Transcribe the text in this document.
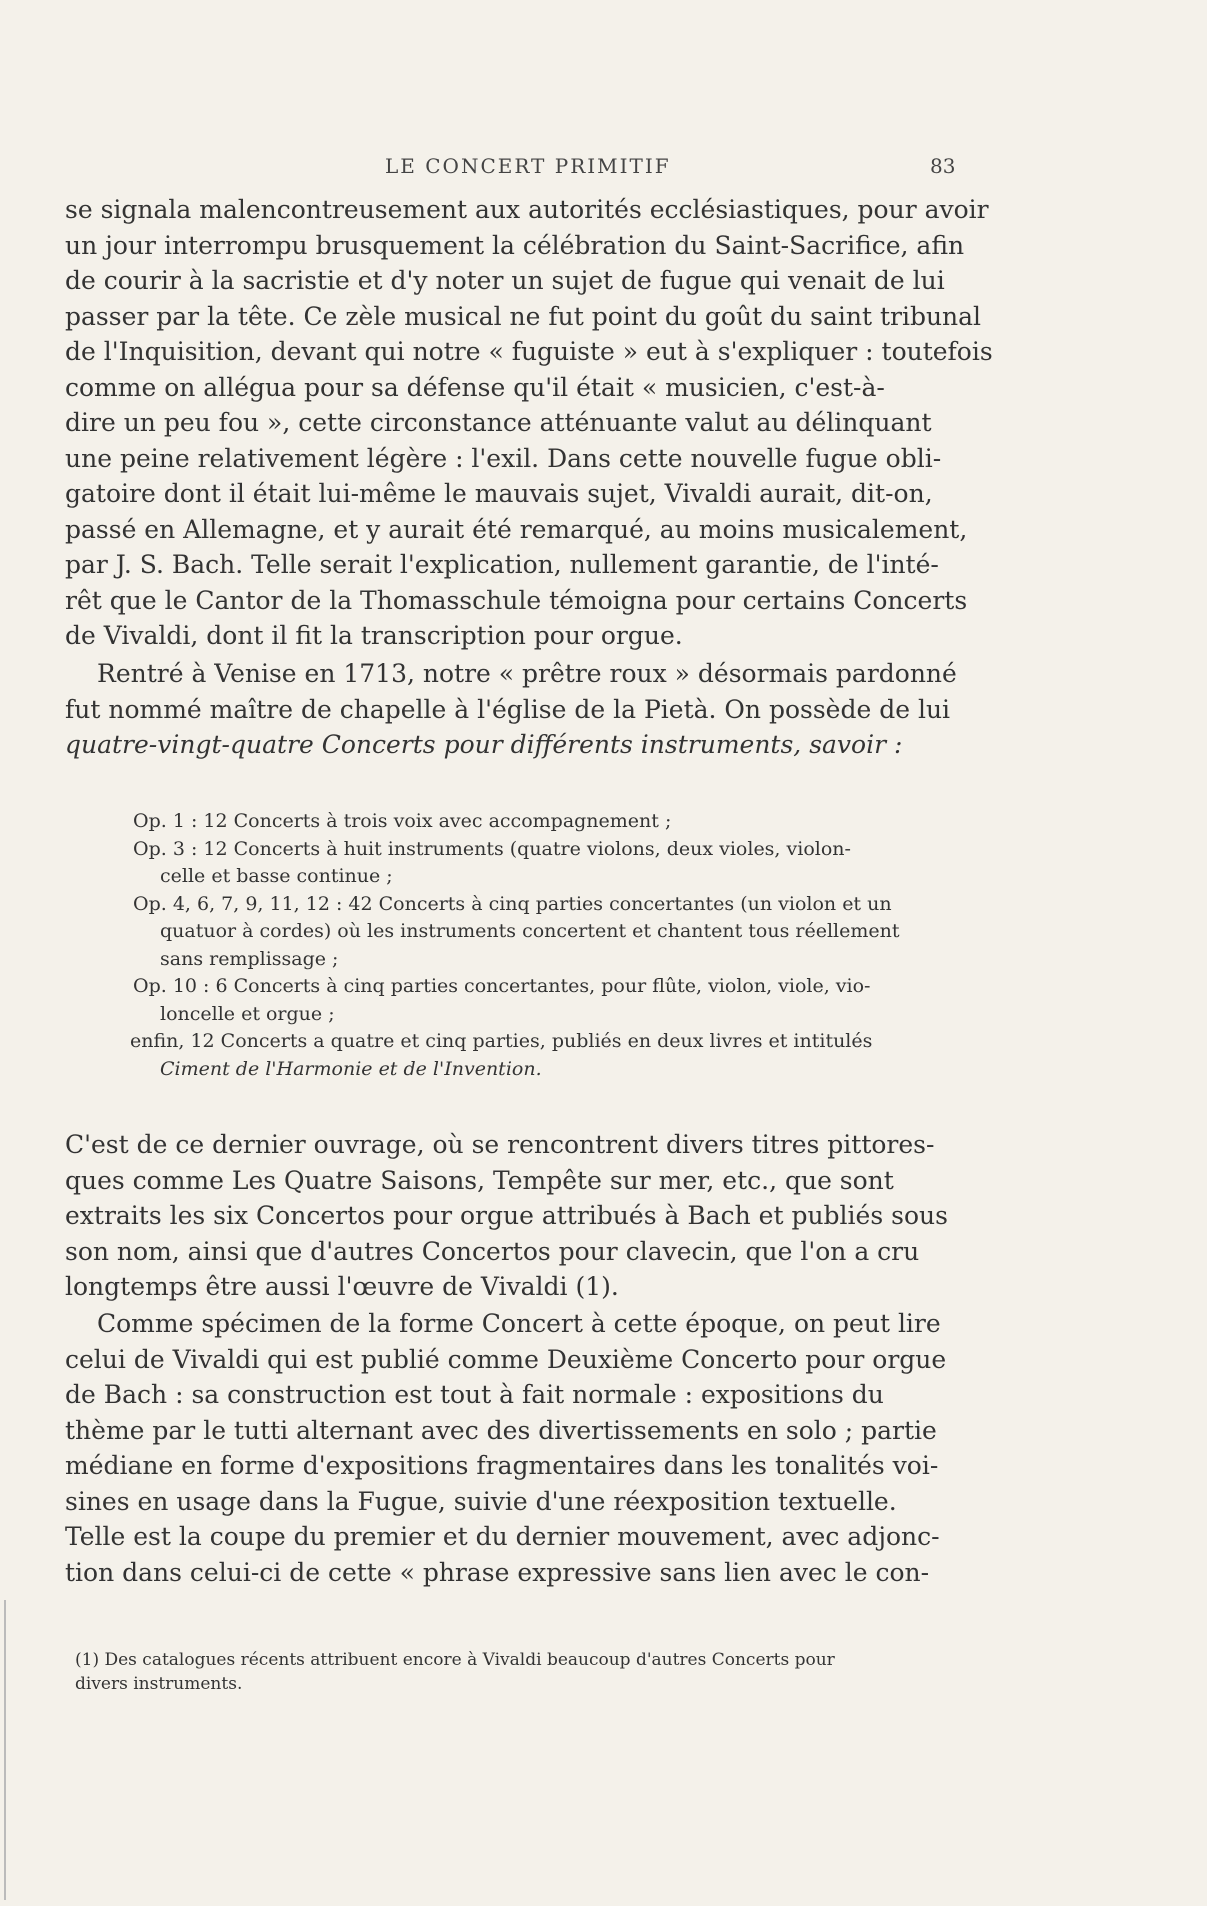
LE CONCERT PRIMITIF	83
se signala malencontreusement aux autorités ecclésiastiques, pour avoir
un jour interrompu brusquement la célébration du Saint-Sacrifice, afin
de courir à la sacristie et d'y noter un sujet de fugue qui venait de lui
passer par la tête. Ce zèle musical ne fut point du goût du saint tribunal
de l'Inquisition, devant qui notre « fuguiste » eut à s'expliquer : toutefois
comme on allégua pour sa défense qu'il était « musicien, c'est-à-
dire un peu fou », cette circonstance atténuante valut au délinquant
une peine relativement légère : l'exil. Dans cette nouvelle fugue obli-
gatoire dont il était lui-même le mauvais sujet, Vivaldi aurait, dit-on,
passé en Allemagne, et y aurait été remarqué, au moins musicalement,
par J. S. Bach. Telle serait l'explication, nullement garantie, de l'inté-
rêt que le Cantor de la Thomasschule témoigna pour certains Concerts
de Vivaldi, dont il fit la transcription pour orgue.
Rentré à Venise en 1713, notre « prêtre roux » désormais pardonné
fut nommé maître de chapelle à l'église de la Pietà. On possède de lui
quatre-vingt-quatre Concerts pour différents instruments, savoir :
Op. 1 : 12 Concerts à trois voix avec accompagnement ;
Op. 3 : 12 Concerts à huit instruments (quatre violons, deux violes, violon-
celle et basse continue ;
Op. 4, 6, 7, 9, 11, 12 : 42 Concerts à cinq parties concertantes (un violon et un
quatuor à cordes) où les instruments concertent et chantent tous réellement
sans remplissage ;
Op. 10 : 6 Concerts à cinq parties concertantes, pour flûte, violon, viole, vio-
loncelle et orgue ;
enfin, 12 Concerts a quatre et cinq parties, publiés en deux livres et intitulés
Ciment de l'Harmonie et de l'Invention.
C'est de ce dernier ouvrage, où se rencontrent divers titres pittores-
ques comme Les Quatre Saisons, Tempête sur mer, etc., que sont
extraits les six Concertos pour orgue attribués à Bach et publiés sous
son nom, ainsi que d'autres Concertos pour clavecin, que l'on a cru
longtemps être aussi l'œuvre de Vivaldi (1).
Comme spécimen de la forme Concert à cette époque, on peut lire
celui de Vivaldi qui est publié comme Deuxième Concerto pour orgue
de Bach : sa construction est tout à fait normale : expositions du
thème par le tutti alternant avec des divertissements en solo ; partie
médiane en forme d'expositions fragmentaires dans les tonalités voi-
sines en usage dans la Fugue, suivie d'une réexposition textuelle.
Telle est la coupe du premier et du dernier mouvement, avec adjonc-
tion dans celui-ci de cette « phrase expressive sans lien avec le con-
(1) Des catalogues récents attribuent encore à Vivaldi beaucoup d'autres Concerts pour
divers instruments.
